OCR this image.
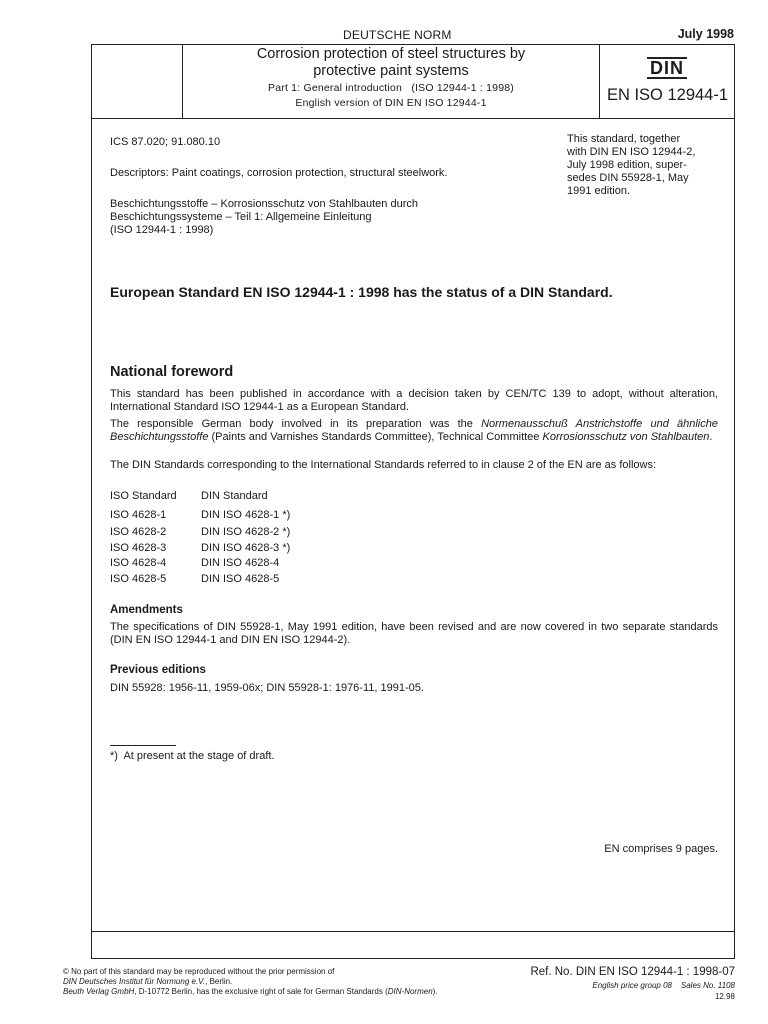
DEUTSCHE NORM	July 1998
Corrosion protection of steel structures by
protective paint systems
Part 1: General introduction   (ISO 12944-1 : 1998)
English version of DIN EN ISO 12944-1
DIN
EN ISO 12944-1
ICS 87.020; 91.080.10
Descriptors: Paint coatings, corrosion protection, structural steelwork.
Beschichtungsstoffe – Korrosionsschutz von Stahlbauten durch
Beschichtungssysteme – Teil 1: Allgemeine Einleitung
(ISO 12944-1 : 1998)
This standard, together
with DIN EN ISO 12944-2,
July 1998 edition, super-
sedes DIN 55928-1, May
1991 edition.
European Standard EN ISO 12944-1 : 1998 has the status of a DIN Standard.
National foreword
This standard has been published in accordance with a decision taken by CEN/TC 139 to adopt, without alteration, International Standard ISO 12944-1 as a European Standard.
The responsible German body involved in its preparation was the Normenausschuß Anstrichstoffe und ähnliche Beschichtungsstoffe (Paints and Varnishes Standards Committee), Technical Committee Korrosionsschutz von Stahlbauten.
The DIN Standards corresponding to the International Standards referred to in clause 2 of the EN are as follows:
ISO Standard DIN Standard
ISO 4628-1	DIN ISO 4628-1 *)
ISO 4628-2	DIN ISO 4628-2 *)
ISO 4628-3	DIN ISO 4628-3 *)
ISO 4628-4	DIN ISO 4628-4
ISO 4628-5	DIN ISO 4628-5
Amendments
The specifications of DIN 55928-1, May 1991 edition, have been revised and are now covered in two separate standards (DIN EN ISO 12944-1 and DIN EN ISO 12944-2).
Previous editions
DIN 55928: 1956-11, 1959-06x; DIN 55928-1: 1976-11, 1991-05.
*)  At present at the stage of draft.
EN comprises 9 pages.
© No part of this standard may be reproduced without the prior permission of
DIN Deutsches Institut für Normung e.V., Berlin.
Beuth Verlag GmbH, D-10772 Berlin, has the exclusive right of sale for German Standards (DIN-Normen).
Ref. No. DIN EN ISO 12944-1 : 1998-07
English price group 08    Sales No. 1108
12.98
